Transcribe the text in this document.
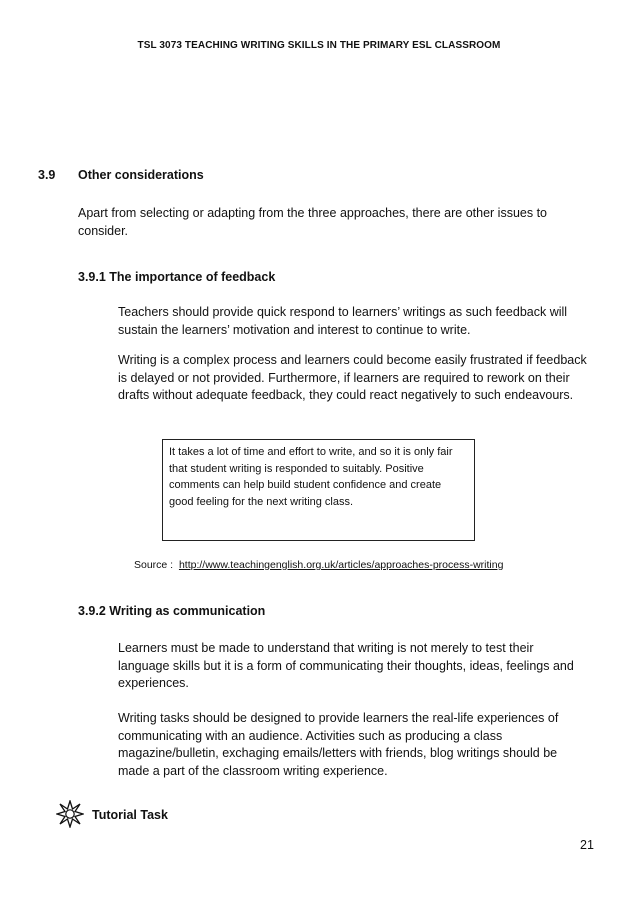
TSL 3073 TEACHING WRITING SKILLS IN THE PRIMARY ESL CLASSROOM
3.9 Other considerations
Apart from selecting or adapting from the three approaches, there are other issues to consider.
3.9.1 The importance of feedback
Teachers should provide quick respond to learners’ writings as such feedback will sustain the learners’ motivation and interest to continue to write.
Writing is a complex process and learners could become easily frustrated if feedback is delayed or not provided. Furthermore, if learners are required to rework on their drafts without adequate feedback, they could react negatively to such endeavours.
It takes a lot of time and effort to write, and so it is only fair that student writing is responded to suitably. Positive comments can help build student confidence and create good feeling for the next writing class.
Source : http://www.teachingenglish.org.uk/articles/approaches-process-writing
3.9.2 Writing as communication
Learners must be made to understand that writing is not merely to test their language skills but it is a form of communicating their thoughts, ideas, feelings and experiences.
Writing tasks should be designed to provide learners the real-life experiences of communicating with an audience. Activities such as producing a class magazine/bulletin, exchaging emails/letters with friends, blog writings should be made a part of the classroom writing experience.
Tutorial Task
21
